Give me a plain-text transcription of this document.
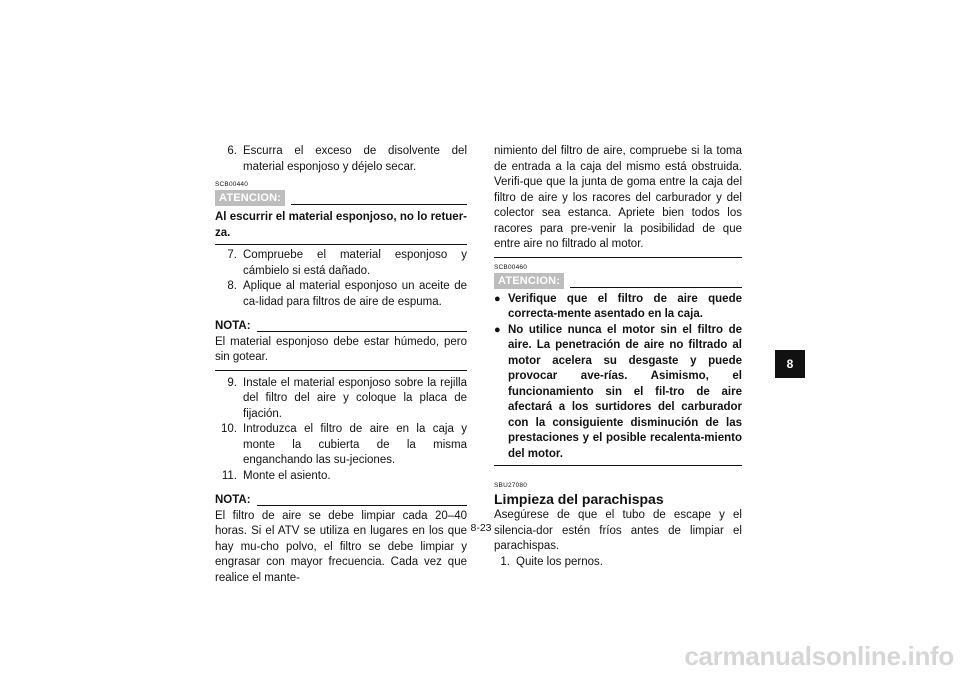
6. Escurra el exceso de disolvente del material esponjoso y déjelo secar.

SCB00440
ATENCION:
Al escurrir el material esponjoso, no lo retuer-za.

7. Compruebe el material esponjoso y cámbielo si está dañado.

8. Aplique al material esponjoso un aceite de ca-lidad para filtros de aire de espuma.

NOTA:
El material esponjoso debe estar húmedo, pero sin gotear.

9. Instale el material esponjoso sobre la rejilla del filtro del aire y coloque la placa de fijación.

10. Introduzca el filtro de aire en la caja y monte la cubierta de la misma enganchando las su-jeciones.

11. Monte el asiento.

NOTA:
El filtro de aire se debe limpiar cada 20–40 horas. Si el ATV se utiliza en lugares en los que hay mu-cho polvo, el filtro se debe limpiar y engrasar con mayor frecuencia. Cada vez que realice el mante-

nimiento del filtro de aire, compruebe si la toma de entrada a la caja del mismo está obstruida. Verifi-que que la junta de goma entre la caja del filtro de aire y los racores del carburador y del colector sea estanca. Apriete bien todos los racores para pre-venir la posibilidad de que entre aire no filtrado al motor.

SCB00460
ATENCION:
● Verifique que el filtro de aire quede correcta-mente asentado en la caja.
● No utilice nunca el motor sin el filtro de aire. La penetración de aire no filtrado al motor acelera su desgaste y puede provocar ave-rías. Asimismo, el funcionamiento sin el fil-tro de aire afectará a los surtidores del carburador con la consiguiente disminución de las prestaciones y el posible recalenta-miento del motor.
SBU27080
Limpieza del parachispas

Asegúrese de que el tubo de escape y el silencia-dor estén fríos antes de limpiar el parachispas.

1. Quite los pernos.

8-23
8
carmanualsonline.info
